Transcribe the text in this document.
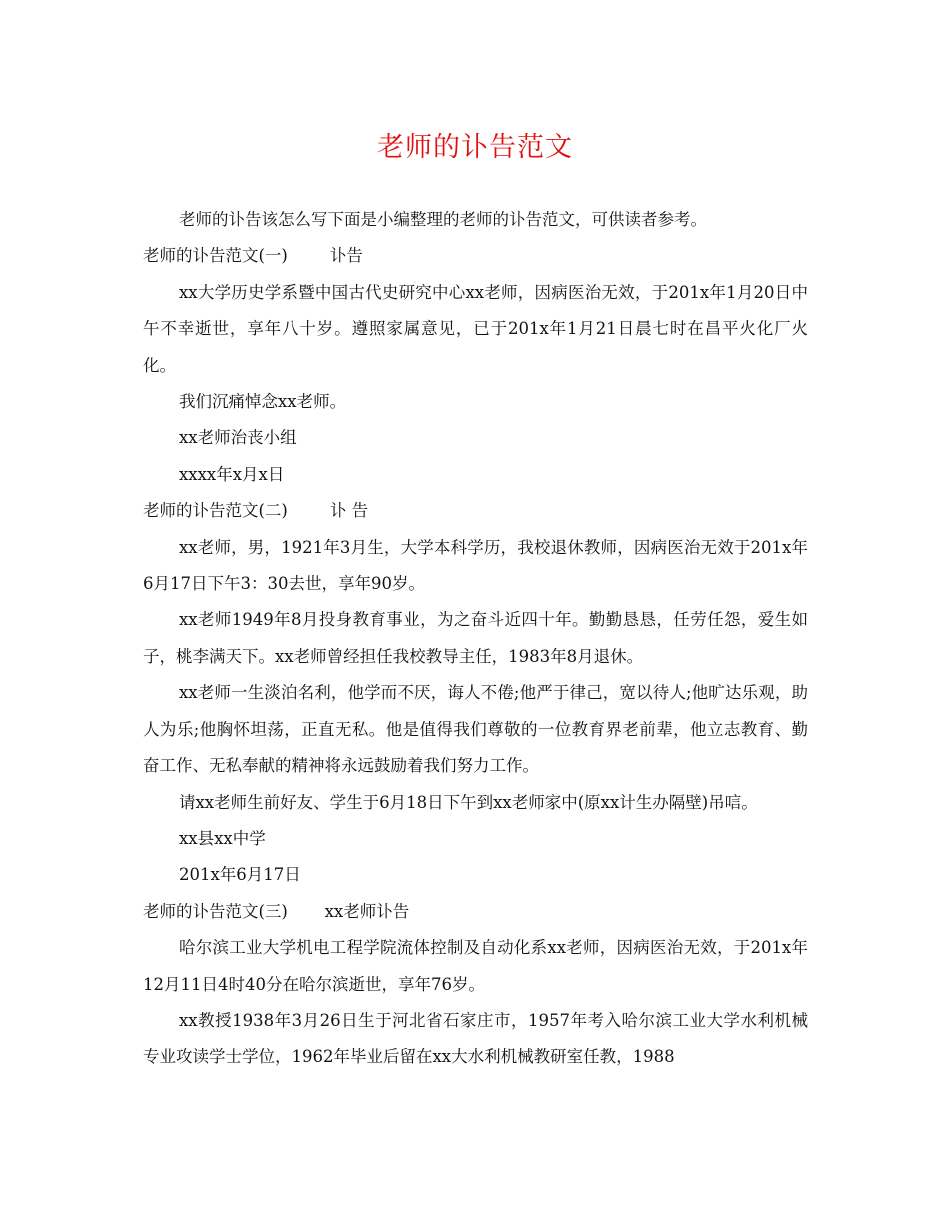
老师的讣告范文

老师的讣告该怎么写下面是小编整理的老师的讣告范文，可供读者参考。

老师的讣告范文(一)        讣告

xx大学历史学系暨中国古代史研究中心xx老师，因病医治无效，于201x年1月20日中午不幸逝世，享年八十岁。遵照家属意见，已于201x年1月21日晨七时在昌平火化厂火化。

我们沉痛悼念xx老师。

xx老师治丧小组

xxxx年x月x日

老师的讣告范文(二)        讣 告

xx老师，男，1921年3月生，大学本科学历，我校退休教师，因病医治无效于201x年6月17日下午3：30去世，享年90岁。

xx老师1949年8月投身教育事业，为之奋斗近四十年。勤勤恳恳，任劳任怨，爱生如子，桃李满天下。xx老师曾经担任我校教导主任，1983年8月退休。

xx老师一生淡泊名利，他学而不厌，诲人不倦;他严于律己，宽以待人;他旷达乐观，助人为乐;他胸怀坦荡，正直无私。他是值得我们尊敬的一位教育界老前辈，他立志教育、勤奋工作、无私奉献的精神将永远鼓励着我们努力工作。

请xx老师生前好友、学生于6月18日下午到xx老师家中(原xx计生办隔壁)吊唁。

xx县xx中学

201x年6月17日

老师的讣告范文(三)       xx老师讣告

哈尔滨工业大学机电工程学院流体控制及自动化系xx老师，因病医治无效，于201x年12月11日4时40分在哈尔滨逝世，享年76岁。

xx教授1938年3月26日生于河北省石家庄市，1957年考入哈尔滨工业大学水利机械专业攻读学士学位，1962年毕业后留在xx大水利机械教研室任教，1988
